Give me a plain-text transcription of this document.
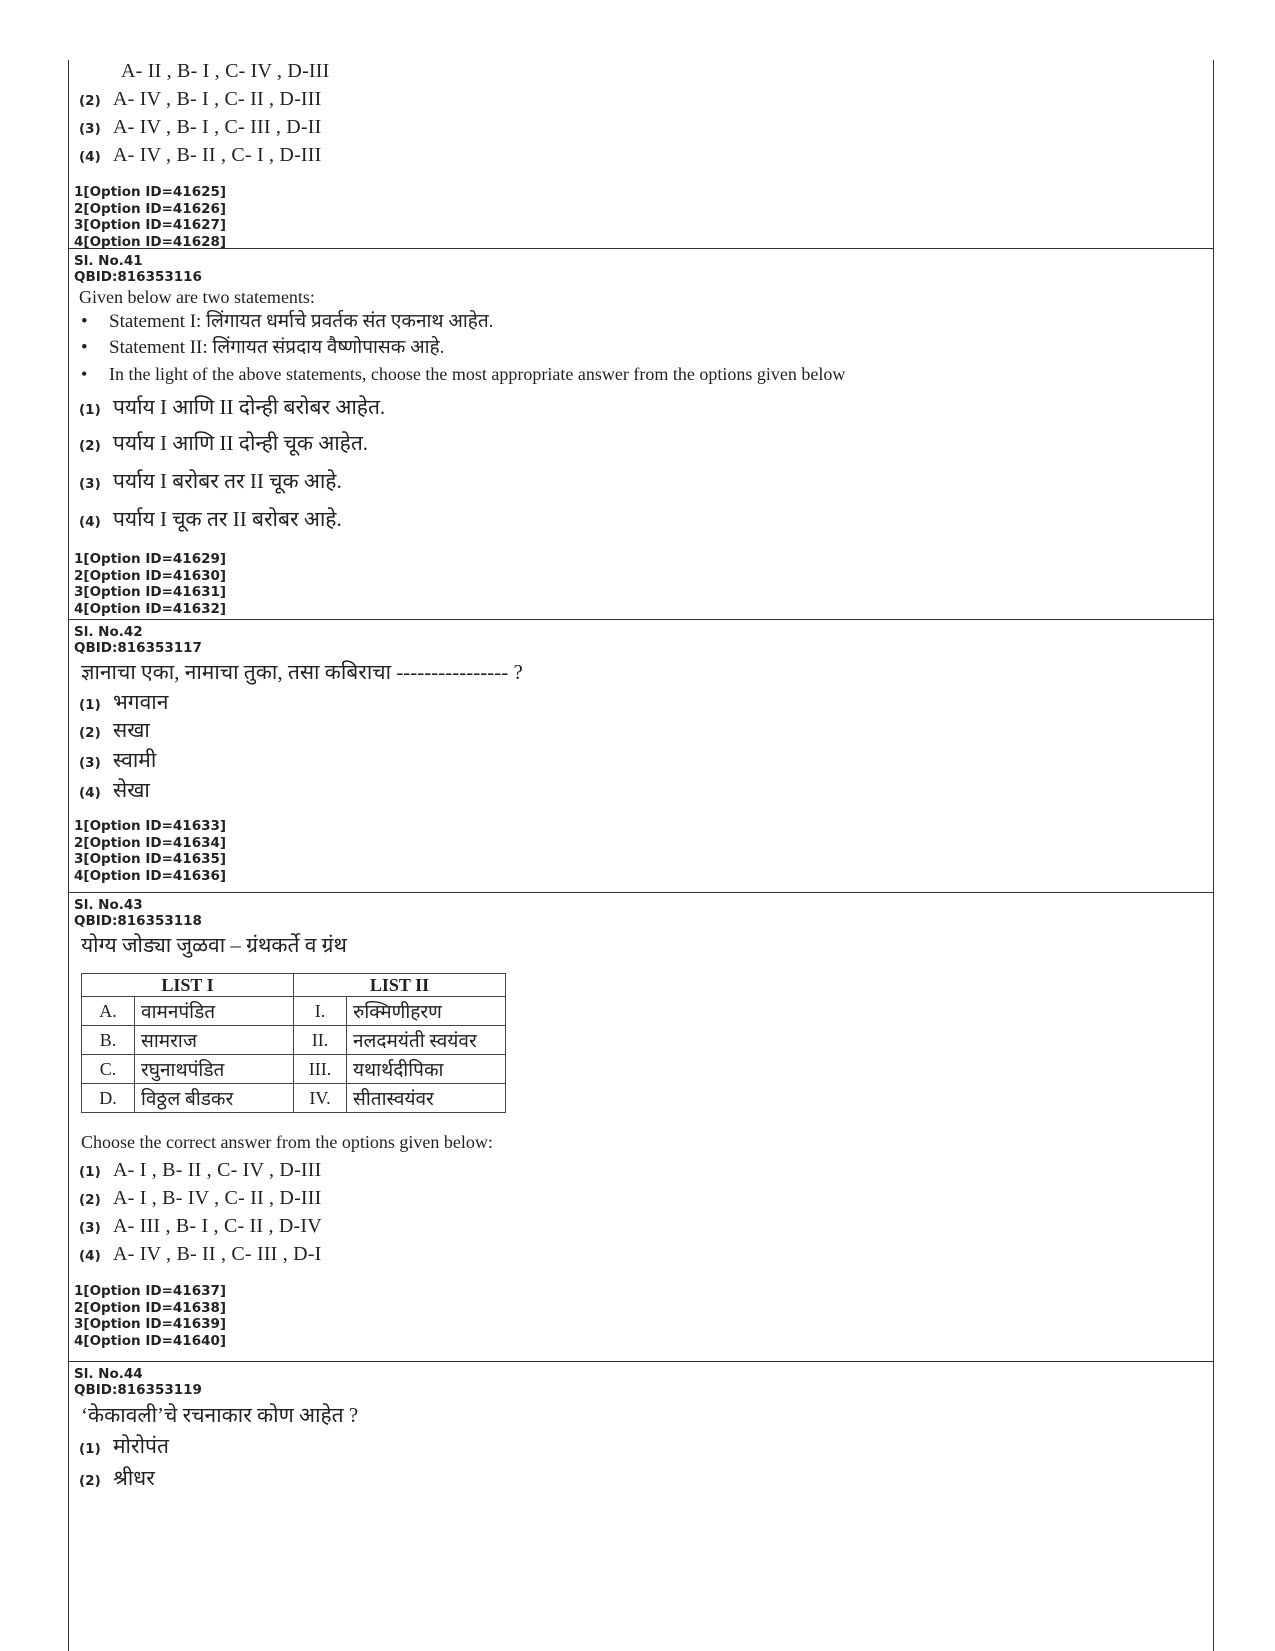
A- II , B- I , C- IV , D-III
(2) A- IV , B- I , C- II , D-III
(3) A- IV , B- I , C- III , D-II
(4) A- IV , B- II , C- I , D-III
1[Option ID=41625]
2[Option ID=41626]
3[Option ID=41627]
4[Option ID=41628]
Sl. No.41
QBID:816353116
Given below are two statements:
•	Statement I: लिंगायत धर्माचे प्रवर्तक संत एकनाथ आहेत.
•	Statement II: लिंगायत संप्रदाय वैष्णोपासक आहे.
•	In the light of the above statements, choose the most appropriate answer from the options given below
(1) पर्याय I आणि II दोन्ही बरोबर आहेत.
(2) पर्याय I आणि II दोन्ही चूक आहेत.
(3) पर्याय I बरोबर तर II चूक आहे.
(4) पर्याय I चूक तर II बरोबर आहे.
1[Option ID=41629]
2[Option ID=41630]
3[Option ID=41631]
4[Option ID=41632]
Sl. No.42
QBID:816353117
ज्ञानाचा एका, नामाचा तुका, तसा कबिराचा ---------------- ?
(1) भगवान
(2) सखा
(3) स्वामी
(4) सेखा
1[Option ID=41633]
2[Option ID=41634]
3[Option ID=41635]
4[Option ID=41636]
Sl. No.43
QBID:816353118
योग्य जोड्या जुळवा – ग्रंथकर्ते व ग्रंथ
LIST I		LIST II	
A.	वामनपंडित	I.	रुक्मिणीहरण
B.	सामराज	II.	नलदमयंती स्वयंवर
C.	रघुनाथपंडित	III.	यथार्थदीपिका
D.	विठ्ठल बीडकर	IV.	सीतास्वयंवर
Choose the correct answer from the options given below:
(1) A- I , B- II , C- IV , D-III
(2) A- I , B- IV , C- II , D-III
(3) A- III , B- I , C- II , D-IV
(4) A- IV , B- II , C- III , D-I
1[Option ID=41637]
2[Option ID=41638]
3[Option ID=41639]
4[Option ID=41640]
Sl. No.44
QBID:816353119
‘केकावली’चे रचनाकार कोण आहेत ?
(1) मोरोपंत
(2) श्रीधर
